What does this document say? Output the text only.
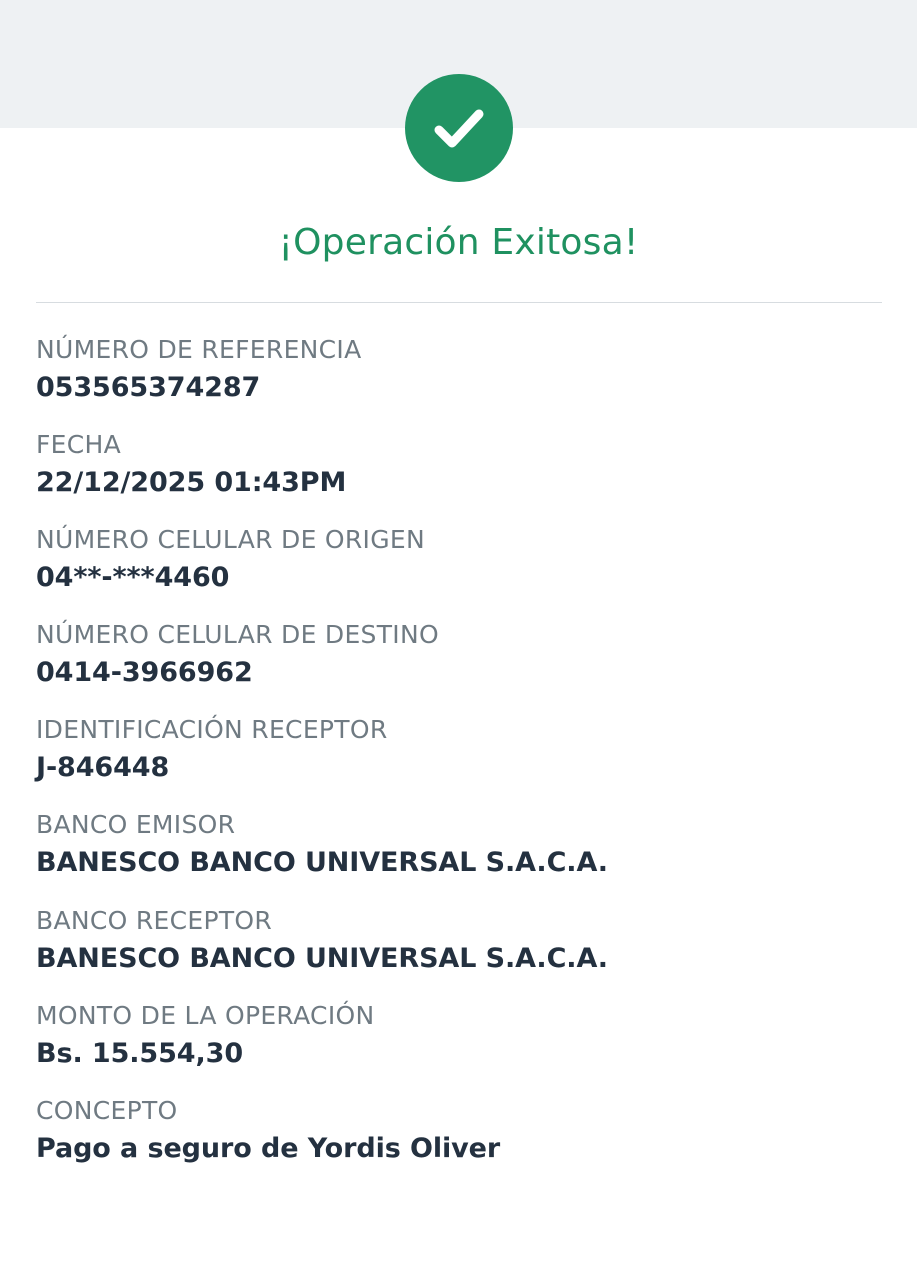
¡Operación Exitosa!
NÚMERO DE REFERENCIA
053565374287
FECHA
22/12/2025 01:43PM
NÚMERO CELULAR DE ORIGEN
04**-***4460
NÚMERO CELULAR DE DESTINO
0414-3966962
IDENTIFICACIÓN RECEPTOR
J-846448
BANCO EMISOR
BANESCO BANCO UNIVERSAL S.A.C.A.
BANCO RECEPTOR
BANESCO BANCO UNIVERSAL S.A.C.A.
MONTO DE LA OPERACIÓN
Bs. 15.554,30
CONCEPTO
Pago a seguro de Yordis Oliver
